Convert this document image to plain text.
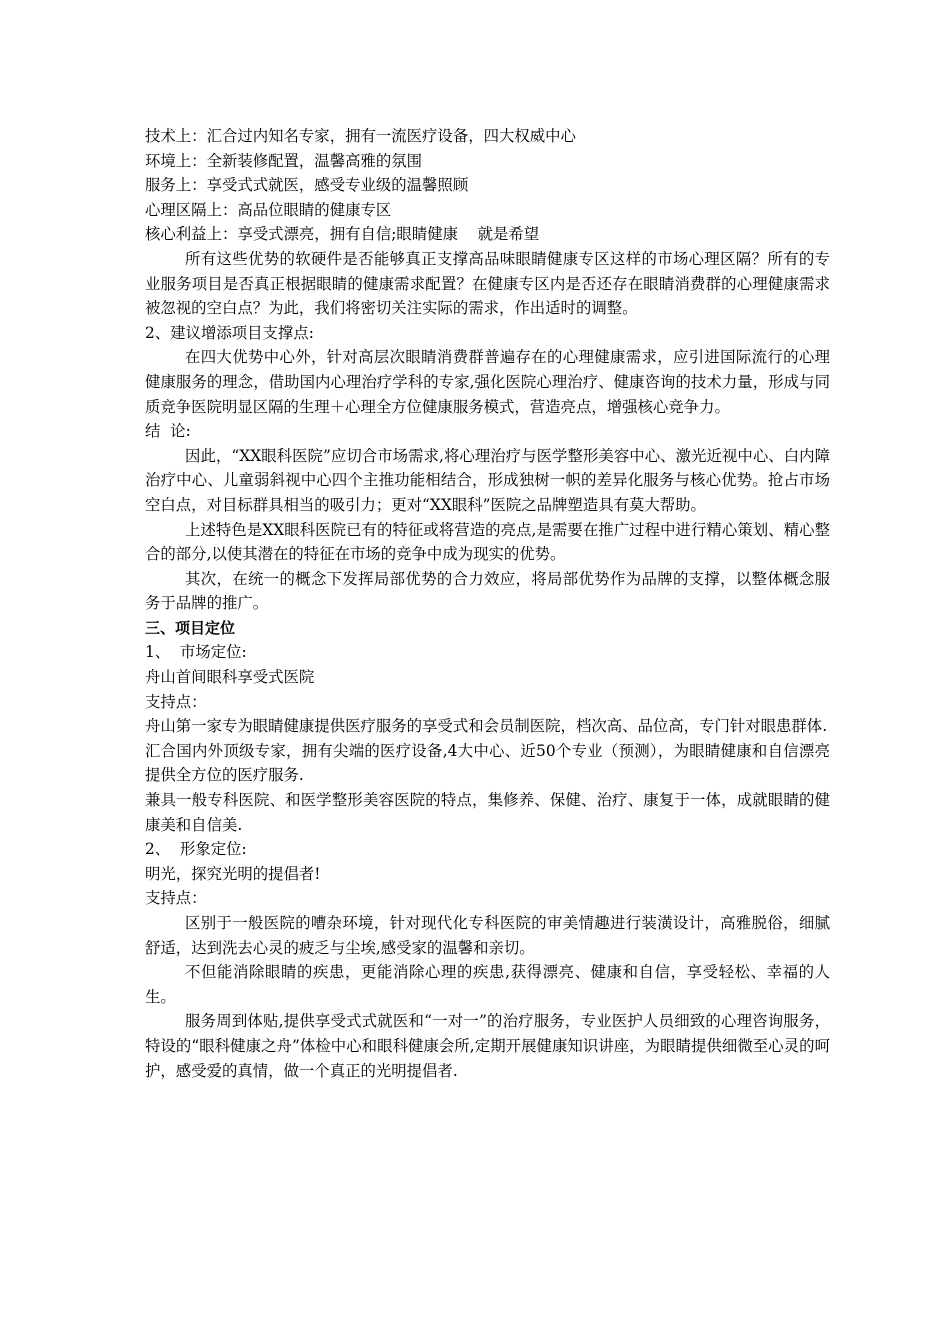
技术上：汇合过内知名专家，拥有一流医疗设备，四大权威中心

环境上：全新装修配置，温馨高雅的氛围

服务上：享受式式就医，感受专业级的温馨照顾

心理区隔上：高品位眼睛的健康专区

核心利益上：享受式漂亮，拥有自信;眼睛健康    就是希望

所有这些优势的软硬件是否能够真正支撑高品味眼睛健康专区这样的市场心理区隔？所有的专业服务项目是否真正根据眼睛的健康需求配置？在健康专区内是否还存在眼睛消费群的心理健康需求被忽视的空白点？为此，我们将密切关注实际的需求，作出适时的调整。

2、建议增添项目支撑点:

在四大优势中心外，针对高层次眼睛消费群普遍存在的心理健康需求，应引进国际流行的心理健康服务的理念，借助国内心理治疗学科的专家,强化医院心理治疗、健康咨询的技术力量，形成与同质竞争医院明显区隔的生理＋心理全方位健康服务模式，营造亮点，增强核心竞争力。

结  论:

因此，“XX眼科医院”应切合市场需求,将心理治疗与医学整形美容中心、激光近视中心、白内障治疗中心、儿童弱斜视中心四个主推功能相结合，形成独树一帜的差异化服务与核心优势。抢占市场空白点，对目标群具相当的吸引力；更对“XX眼科”医院之品牌塑造具有莫大帮助。

上述特色是XX眼科医院已有的特征或将营造的亮点,是需要在推广过程中进行精心策划、精心整合的部分,以使其潜在的特征在市场的竞争中成为现实的优势。

其次，在统一的概念下发挥局部优势的合力效应，将局部优势作为品牌的支撑，以整体概念服务于品牌的推广。

三、项目定位

1、  市场定位:

舟山首间眼科享受式医院

支持点：

舟山第一家专为眼睛健康提供医疗服务的享受式和会员制医院，档次高、品位高，专门针对眼患群体.

汇合国内外顶级专家，拥有尖端的医疗设备,4大中心、近50个专业（预测），为眼睛健康和自信漂亮提供全方位的医疗服务.

兼具一般专科医院、和医学整形美容医院的特点，集修养、保健、治疗、康复于一体，成就眼睛的健康美和自信美.

2、  形象定位:

明光，探究光明的提倡者!

支持点：

区别于一般医院的嘈杂环境，针对现代化专科医院的审美情趣进行装潢设计，高雅脱俗，细腻舒适，达到洗去心灵的疲乏与尘埃,感受家的温馨和亲切。

不但能消除眼睛的疾患，更能消除心理的疾患,获得漂亮、健康和自信，享受轻松、幸福的人生。

服务周到体贴,提供享受式式就医和“一对一”的治疗服务，专业医护人员细致的心理咨询服务，特设的“眼科健康之舟”体检中心和眼科健康会所,定期开展健康知识讲座，为眼睛提供细微至心灵的呵护，感受爱的真情，做一个真正的光明提倡者.
